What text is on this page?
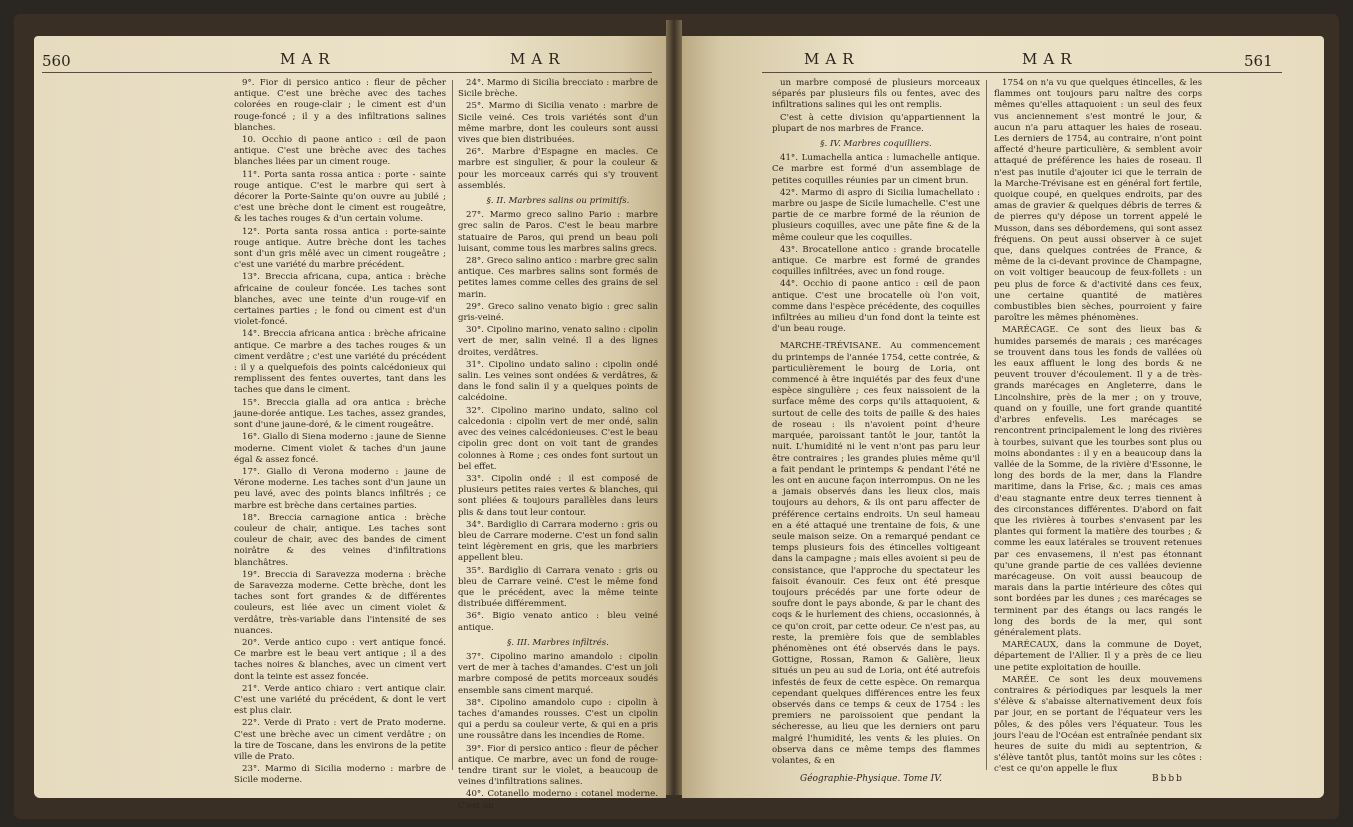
560	MAR	MAR

9°. Fior di persico antico : fleur de pêcher antique. C'est une brèche avec des taches colorées en rouge-clair ; le ciment est d'un rouge-foncé ; il y a des infiltrations salines blanches.

10. Occhio di paone antico : œil de paon antique. C'est une brèche avec des taches blanches liées par un ciment rouge.

11°. Porta santa rossa antica : porte - sainte rouge antique. C'est le marbre qui sert à décorer la Porte-Sainte qu'on ouvre au jubilé ; c'est une brèche dont le ciment est rougeâtre, & les taches rouges & d'un certain volume.

12°. Porta santa rossa antica : porte-sainte rouge antique. Autre brèche dont les taches sont d'un gris mêlé avec un ciment rougeâtre ; c'est une variété du marbre précédent.

13°. Breccia africana, cupa, antica : brèche africaine de couleur foncée. Les taches sont blanches, avec une teinte d'un rouge-vif en certaines parties ; le fond ou ciment est d'un violet-foncé.

14°. Breccia africana antica : brèche africaine antique. Ce marbre a des taches rouges & un ciment verdâtre ; c'est une variété du précédent : il y a quelquefois des points calcédonieux qui remplissent des fentes ouvertes, tant dans les taches que dans le ciment.

15°. Breccia gialla ad ora antica : brèche jaune-dorée antique. Les taches, assez grandes, sont d'une jaune-doré, & le ciment rougeâtre.

16°. Giallo di Siena moderno : jaune de Sienne moderne. Ciment violet & taches d'un jaune égal & assez foncé.

17°. Giallo di Verona moderno : jaune de Vérone moderne. Les taches sont d'un jaune un peu lavé, avec des points blancs infiltrés ; ce marbre est brèche dans certaines parties.

18°. Breccia carnagione antica : brèche couleur de chair, antique. Les taches sont couleur de chair, avec des bandes de ciment noirâtre & des veines d'infiltrations blanchâtres.

19°. Breccia di Saravezza moderna : brèche de Saravezza moderne. Cette brèche, dont les taches sont fort grandes & de différentes couleurs, est liée avec un ciment violet & verdâtre, très-variable dans l'intensité de ses nuances.

20°. Verde antico cupo : vert antique foncé. Ce marbre est le beau vert antique ; il a des taches noires & blanches, avec un ciment vert dont la teinte est assez foncée.

21°. Verde antico chiaro : vert antique clair. C'est une variété du précédent, & dont le vert est plus clair.

22°. Verde di Prato : vert de Prato moderne. C'est une brèche avec un ciment verdâtre ; on la tire de Toscane, dans les environs de la petite ville de Prato.

23°. Marmo di Sicilia moderno : marbre de Sicile moderne.

24°. Marmo di Sicilia brecciato : marbre de Sicile brèche.

25°. Marmo di Sicilia venato : marbre de Sicile veiné. Ces trois variétés sont d'un même marbre, dont les couleurs sont aussi vives que bien distribuées.

26°. Marbre d'Espagne en macles. Ce marbre est singulier, & pour la couleur & pour les morceaux carrés qui s'y trouvent assemblés.

§. II. Marbres salins ou primitifs.

27°. Marmo greco salino Pario : marbre grec salin de Paros. C'est le beau marbre statuaire de Paros, qui prend un beau poli luisant, comme tous les marbres salins grecs.

28°. Greco salino antico : marbre grec salin antique. Ces marbres salins sont formés de petites lames comme celles des grains de sel marin.

29°. Greco salino venato bigio : grec salin gris-veiné.

30°. Cipolino marino, venato salino : cipolin vert de mer, salin veiné. Il a des lignes droites, verdâtres.

31°. Cipolino undato salino : cipolin ondé salin. Les veines sont ondées & verdâtres, & dans le fond salin il y a quelques points de calcédoine.

32°. Cipolino marino undato, salino col calcedonia : cipolin vert de mer ondé, salin avec des veines calcédonieuses. C'est le beau cipolin grec dont on voit tant de grandes colonnes à Rome ; ces ondes font surtout un bel effet.

33°. Cipolin ondé : il est composé de plusieurs petites raies vertes & blanches, qui sont pliées & toujours parallèles dans leurs plis & dans tout leur contour.

34°. Bardiglio di Carrara moderno : gris ou bleu de Carrare moderne. C'est un fond salin teint légèrement en gris, que les marbriers appellent bleu.

35°. Bardiglio di Carrara venato : gris ou bleu de Carrare veiné. C'est le même fond que le précédent, avec la même teinte distribuée différemment.

36°. Bigio venato antico : bleu veiné antique.

§. III. Marbres infiltrés.

37°. Cipolino marino amandolo : cipolin vert de mer à taches d'amandes. C'est un joli marbre composé de petits morceaux soudés ensemble sans ciment marqué.

38°. Cipolino amandolo cupo : cipolin à taches d'amandes rousses. C'est un cipolin qui a perdu sa couleur verte, & qui en a pris une roussâtre dans les incendies de Rome.

39°. Fior di persico antico : fleur de pêcher antique. Ce marbre, avec un fond de rouge-tendre tirant sur le violet, a beaucoup de veines d'infiltrations salines.

40°. Cotanello moderno : cotanel moderne. C'est un

MAR	MAR	561

un marbre composé de plusieurs morceaux séparés par plusieurs fils ou fentes, avec des infiltrations salines qui les ont remplis.

C'est à cette division qu'appartiennent la plupart de nos marbres de France.

§. IV. Marbres coquilliers.

41°. Lumachella antica : lumachelle antique. Ce marbre est formé d'un assemblage de petites coquilles réunies par un ciment brun.

42°. Marmo di aspro di Sicilia lumachellato : marbre ou jaspe de Sicile lumachelle. C'est une partie de ce marbre formé de la réunion de plusieurs coquilles, avec une pâte fine & de la même couleur que les coquilles.

43°. Brocatellone antico : grande brocatelle antique. Ce marbre est formé de grandes coquilles infiltrées, avec un fond rouge.

44°. Occhio di paone antico : œil de paon antique. C'est une brocatelle où l'on voit, comme dans l'espèce précédente, des coquilles infiltrées au milieu d'un fond dont la teinte est d'un beau rouge.

MARCHE-TRÉVISANE. Au commencement du printemps de l'année 1754, cette contrée, & particulièrement le bourg de Loria, ont commencé à être inquiétés par des feux d'une espèce singulière ; ces feux naissoient de la surface même des corps qu'ils attaquoient, & surtout de celle des toits de paille & des haies de roseau : ils n'avoient point d'heure marquée, paroissant tantôt le jour, tantôt la nuit. L'humidité ni le vent n'ont pas paru leur être contraires ; les grandes pluies même qu'il a fait pendant le printemps & pendant l'été ne les ont en aucune façon interrompus. On ne les a jamais observés dans les lieux clos, mais toujours au dehors, & ils ont paru affecter de préférence certains endroits. Un seul hameau en a été attaqué une trentaine de fois, & une seule maison seize. On a remarqué pendant ce temps plusieurs fois des étincelles voltigeant dans la campagne ; mais elles avoient si peu de consistance, que l'approche du spectateur les faisoit évanouir. Ces feux ont été presque toujours précédés par une forte odeur de soufre dont le pays abonde, & par le chant des coqs & le hurlement des chiens, occasionnés, à ce qu'on croit, par cette odeur. Ce n'est pas, au reste, la première fois que de semblables phénomènes ont été observés dans le pays. Gottigne, Rossan, Ramon & Galière, lieux situés un peu au sud de Loria, ont été autrefois infestés de feux de cette espèce. On remarqua cependant quelques différences entre les feux observés dans ce temps & ceux de 1754 : les premiers ne paroissoient que pendant la sécheresse, au lieu que les derniers ont paru malgré l'humidité, les vents & les pluies. On observa dans ce même temps des flammes volantes, & en

Géographie-Physique. Tome IV.

1754 on n'a vu que quelques étincelles, & les flammes ont toujours paru naître des corps mêmes qu'elles attaquoient : un seul des feux vus anciennement s'est montré le jour, & aucun n'a paru attaquer les haies de roseau. Les derniers de 1754, au contraire, n'ont point affecté d'heure particulière, & semblent avoir attaqué de préférence les haies de roseau. Il n'est pas inutile d'ajouter ici que le terrain de la Marche-Trévisane est en général fort fertile, quoique coupé, en quelques endroits, par des amas de gravier & quelques débris de terres & de pierres qu'y dépose un torrent appelé le Musson, dans ses débordemens, qui sont assez fréquens. On peut aussi observer à ce sujet que, dans quelques contrées de France, & même de la ci-devant province de Champagne, on voit voltiger beaucoup de feux-follets : un peu plus de force & d'activité dans ces feux, une certaine quantité de matières combustibles bien sèches, pourroient y faire paroître les mêmes phénomènes.

MARÉCAGE. Ce sont des lieux bas & humides parsemés de marais ; ces marécages se trouvent dans tous les fonds de vallées où les eaux affluent le long des bords & ne peuvent trouver d'écoulement. Il y a de très-grands marécages en Angleterre, dans le Lincolnshire, près de la mer ; on y trouve, quand on y fouille, une fort grande quantité d'arbres enfevelis. Les marécages se rencontrent principalement le long des rivières à tourbes, suivant que les tourbes sont plus ou moins abondantes : il y en a beaucoup dans la vallée de la Somme, de la rivière d'Essonne, le long des bords de la mer, dans la Flandre maritime, dans la Frise, &c. ; mais ces amas d'eau stagnante entre deux terres tiennent à des circonstances différentes. D'abord on fait que les rivières à tourbes s'envasent par les plantes qui forment la matière des tourbes ; & comme les eaux latérales se trouvent retenues par ces envasemens, il n'est pas étonnant qu'une grande partie de ces vallées devienne marécageuse. On voit aussi beaucoup de marais dans la partie intérieure des côtes qui sont bordées par les dunes ; ces marécages se terminent par des étangs ou lacs rangés le long des bords de la mer, qui sont généralement plats.

MARÉCAUX, dans la commune de Doyet, département de l'Allier. Il y a près de ce lieu une petite exploitation de houille.

MARÉE. Ce sont les deux mouvemens contraires & périodiques par lesquels la mer s'élève & s'abaisse alternativement deux fois par jour, en se portant de l'équateur vers les pôles, & des pôles vers l'équateur. Tous les jours l'eau de l'Océan est entraînée pendant six heures de suite du midi au septentrion, & s'élève tantôt plus, tantôt moins sur les côtes : c'est ce qu'on appelle le flux

Bbbb
